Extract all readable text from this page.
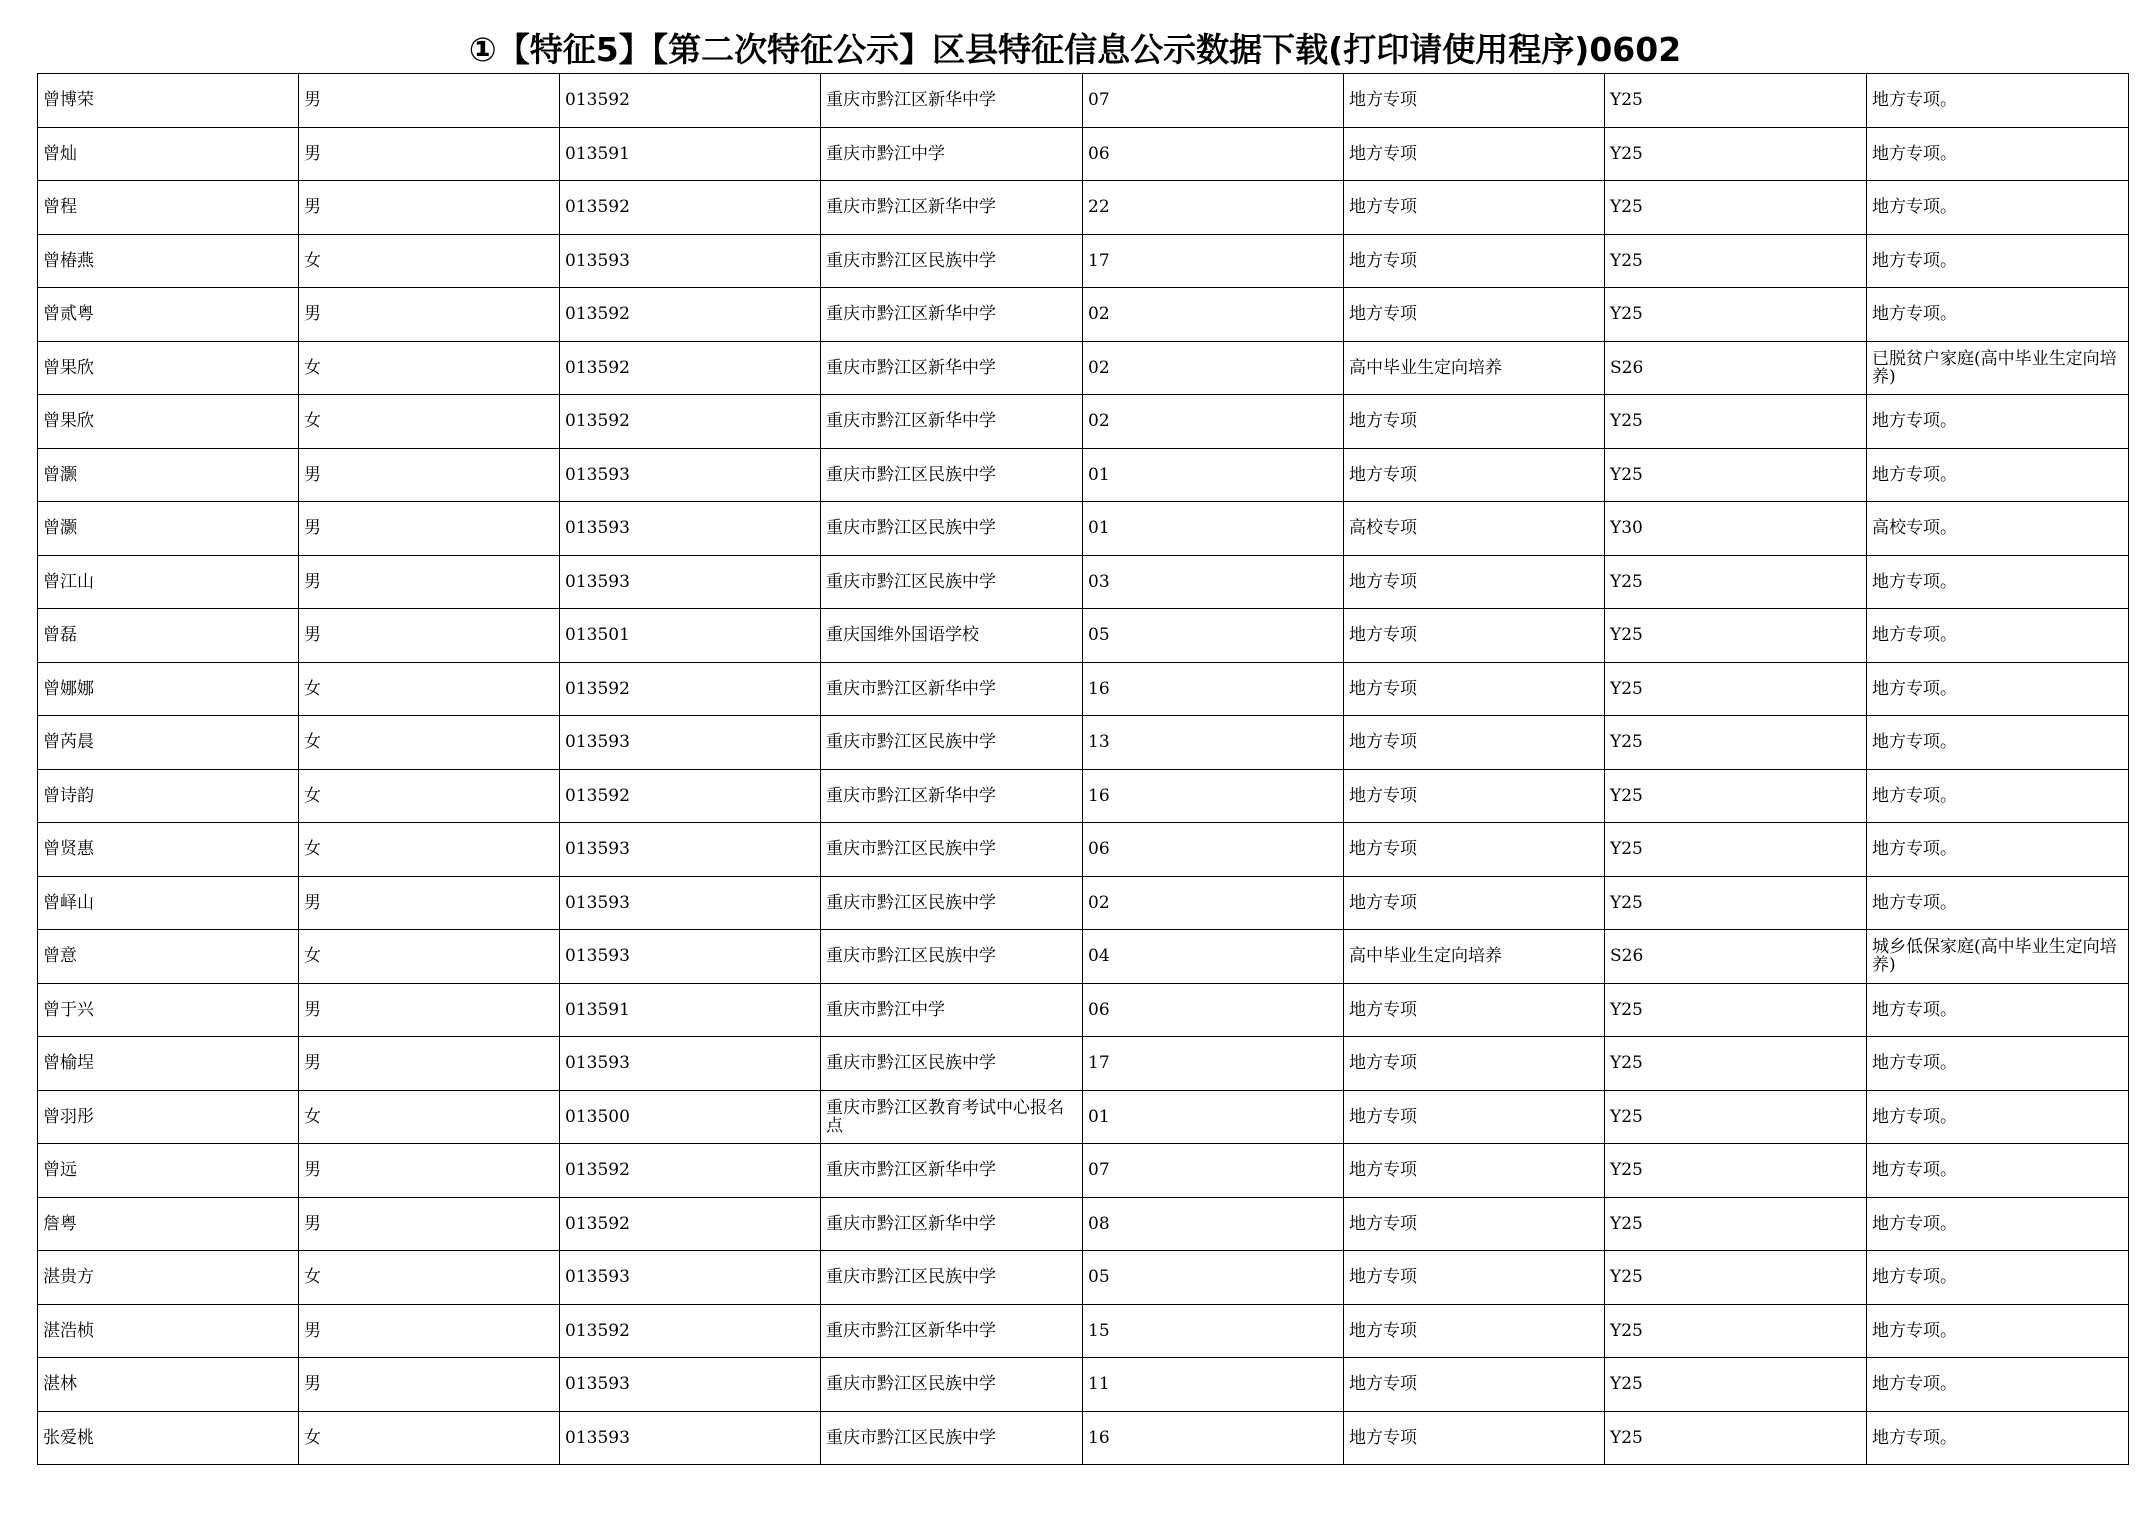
①【特征5】【第二次特征公示】区县特征信息公示数据下载(打印请使用程序)0602
曾博荣	男	013592	重庆市黔江区新华中学	07	地方专项	Y25	地方专项。
曾灿	男	013591	重庆市黔江中学	06	地方专项	Y25	地方专项。
曾程	男	013592	重庆市黔江区新华中学	22	地方专项	Y25	地方专项。
曾椿燕	女	013593	重庆市黔江区民族中学	17	地方专项	Y25	地方专项。
曾贰粤	男	013592	重庆市黔江区新华中学	02	地方专项	Y25	地方专项。
曾果欣	女	013592	重庆市黔江区新华中学	02	高中毕业生定向培养	S26	已脱贫户家庭(高中毕业生定向培养)
曾果欣	女	013592	重庆市黔江区新华中学	02	地方专项	Y25	地方专项。
曾灏	男	013593	重庆市黔江区民族中学	01	地方专项	Y25	地方专项。
曾灏	男	013593	重庆市黔江区民族中学	01	高校专项	Y30	高校专项。
曾江山	男	013593	重庆市黔江区民族中学	03	地方专项	Y25	地方专项。
曾磊	男	013501	重庆国维外国语学校	05	地方专项	Y25	地方专项。
曾娜娜	女	013592	重庆市黔江区新华中学	16	地方专项	Y25	地方专项。
曾芮晨	女	013593	重庆市黔江区民族中学	13	地方专项	Y25	地方专项。
曾诗韵	女	013592	重庆市黔江区新华中学	16	地方专项	Y25	地方专项。
曾贤惠	女	013593	重庆市黔江区民族中学	06	地方专项	Y25	地方专项。
曾峄山	男	013593	重庆市黔江区民族中学	02	地方专项	Y25	地方专项。
曾意	女	013593	重庆市黔江区民族中学	04	高中毕业生定向培养	S26	城乡低保家庭(高中毕业生定向培养)
曾于兴	男	013591	重庆市黔江中学	06	地方专项	Y25	地方专项。
曾榆埕	男	013593	重庆市黔江区民族中学	17	地方专项	Y25	地方专项。
曾羽彤	女	013500	重庆市黔江区教育考试中心报名点	01	地方专项	Y25	地方专项。
曾远	男	013592	重庆市黔江区新华中学	07	地方专项	Y25	地方专项。
詹粤	男	013592	重庆市黔江区新华中学	08	地方专项	Y25	地方专项。
湛贵方	女	013593	重庆市黔江区民族中学	05	地方专项	Y25	地方专项。
湛浩桢	男	013592	重庆市黔江区新华中学	15	地方专项	Y25	地方专项。
湛林	男	013593	重庆市黔江区民族中学	11	地方专项	Y25	地方专项。
张爱桃	女	013593	重庆市黔江区民族中学	16	地方专项	Y25	地方专项。
